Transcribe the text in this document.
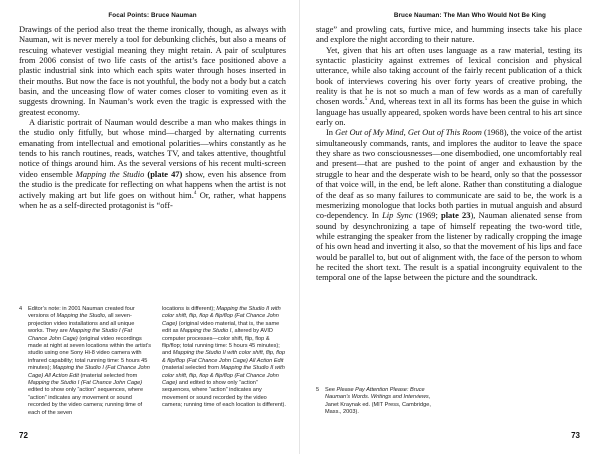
Focal Points: Bruce Nauman

Drawings of the period also treat the theme ironically, though, as always with Nauman, wit is never merely a tool for debunking clichés, but also a means of rescuing whatever vestigial meaning they might retain. A pair of sculptures from 2006 consist of two life casts of the artist’s face positioned above a plastic industrial sink into which each spits water through hoses inserted in their mouths. But now the face is not youthful, the body not a body but a catch basin, and the unceasing flow of water comes closer to vomiting even as it suggests drowning. In Nauman’s work even the tragic is expressed with the greatest economy.

A diaristic portrait of Nauman would describe a man who makes things in the studio only fitfully, but whose mind—charged by alternating currents emanating from intellectual and emotional polarities—whirs constantly as he tends to his ranch routines, reads, watches TV, and takes attentive, thoughtful notice of things around him. As the several versions of his recent multi-screen video ensemble Mapping the Studio (plate 47) show, even his absence from the studio is the predicate for reflecting on what happens when the artist is not actively making art but life goes on without him.$^4$ Or, rather, what happens when he as a self-directed protagonist is “off-

4 Editor’s note: in 2001 Nauman created four versions of Mapping the Studio, all seven-projection video installations and all unique works. They are Mapping the Studio I (Fat Chance John Cage) (original video recordings made at night at seven locations within the artist’s studio using one Sony Hi-8 video camera with infrared capability; total running time: 5 hours 45 minutes); Mapping the Studio I (Fat Chance John Cage) All Action Edit (material selected from Mapping the Studio I (Fat Chance John Cage) edited to show only “action” sequences, where “action” indicates any movement or sound recorded by the video camera; running time of each of the seven
locations is different); Mapping the Studio II with color shift, flip, flop & flip/flop (Fat Chance John Cage) (original video material, that is, the same edit as Mapping the Studio I, altered by AVID computer processes—color shift, flip, flop & flip/flop; total running time: 5 hours 45 minutes); and Mapping the Studio II with color shift, flip, flop & flip/flop (Fat Chance John Cage) All Action Edit (material selected from Mapping the Studio II with color shift, flip, flop & flip/flop (Fat Chance John Cage) and edited to show only “action” sequences, where “action” indicates any movement or sound recorded by the video camera; running time of each location is different).
72
Bruce Nauman: The Man Who Would Not Be King

stage” and prowling cats, furtive mice, and humming insects take his place and explore the night according to their nature.

Yet, given that his art often uses language as a raw material, testing its syntactic plasticity against extremes of lexical concision and physical utterance, while also taking account of the fairly recent publication of a thick book of interviews covering his over forty years of creative probing, the reality is that he is not so much a man of few words as a man of carefully chosen words.$^5$ And, whereas text in all its forms has been the guise in which language has usually appeared, spoken words have been central to his art since early on.

In Get Out of My Mind, Get Out of This Room (1968), the voice of the artist simultaneously commands, rants, and implores the auditor to leave the space they share as two consciousnesses—one disembodied, one uncomfortably real and present—that are pushed to the point of anger and exhaustion by the struggle to hear and the desperate wish to be heard, only so that the possessor of that voice will, in the end, be left alone. Rather than constituting a dialogue of the deaf as so many failures to communicate are said to be, the work is a mesmerizing monologue that locks both parties in mutual anguish and absurd co-dependency. In Lip Sync (1969; plate 23), Nauman alienated sense from sound by desynchronizing a tape of himself repeating the two-word title, while estranging the speaker from the listener by radically cropping the image of his own head and inverting it also, so that the movement of his lips and face would be parallel to, but out of alignment with, the face of the person to whom he recited the short text. The result is a spatial incongruity equivalent to the temporal one of the lapse between the picture and the soundtrack.

5	See Please Pay Attention Please: Bruce Nauman’s Words. Writings and Interviews, Janet Kraynak ed. (MIT Press, Cambridge, Mass., 2003).
73
